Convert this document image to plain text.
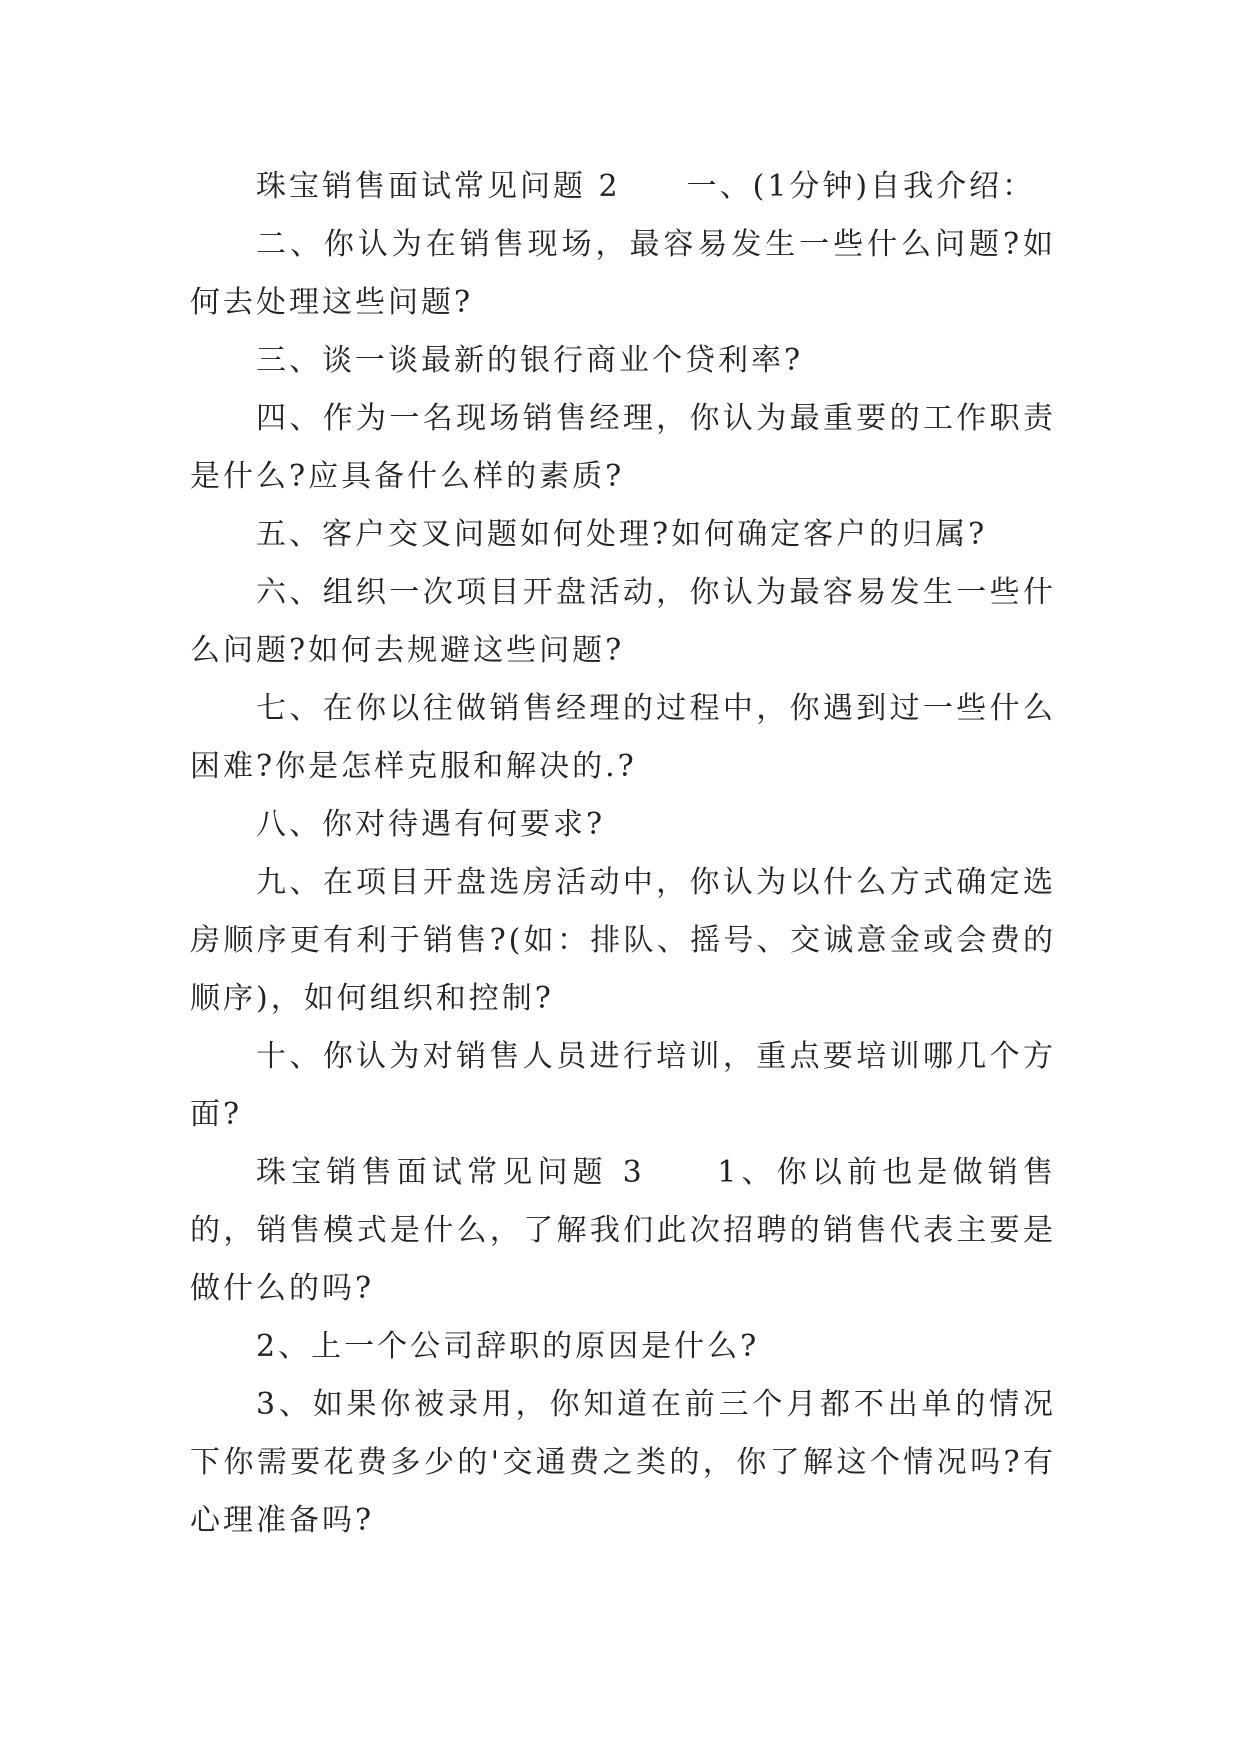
珠宝销售面试常见问题 2　　一、(1分钟)自我介绍：

二、你认为在销售现场，最容易发生一些什么问题?如何去处理这些问题?

三、谈一谈最新的银行商业个贷利率?

四、作为一名现场销售经理，你认为最重要的工作职责是什么?应具备什么样的素质?

五、客户交叉问题如何处理?如何确定客户的归属?

六、组织一次项目开盘活动，你认为最容易发生一些什么问题?如何去规避这些问题?

七、在你以往做销售经理的过程中，你遇到过一些什么困难?你是怎样克服和解决的.?

八、你对待遇有何要求?

九、在项目开盘选房活动中，你认为以什么方式确定选房顺序更有利于销售?(如：排队、摇号、交诚意金或会费的顺序)，如何组织和控制?

十、你认为对销售人员进行培训，重点要培训哪几个方面?

珠宝销售面试常见问题 3　　1、你以前也是做销售的，销售模式是什么，了解我们此次招聘的销售代表主要是做什么的吗?

2、上一个公司辞职的原因是什么?

3、如果你被录用，你知道在前三个月都不出单的情况下你需要花费多少的'交通费之类的，你了解这个情况吗?有心理准备吗?
